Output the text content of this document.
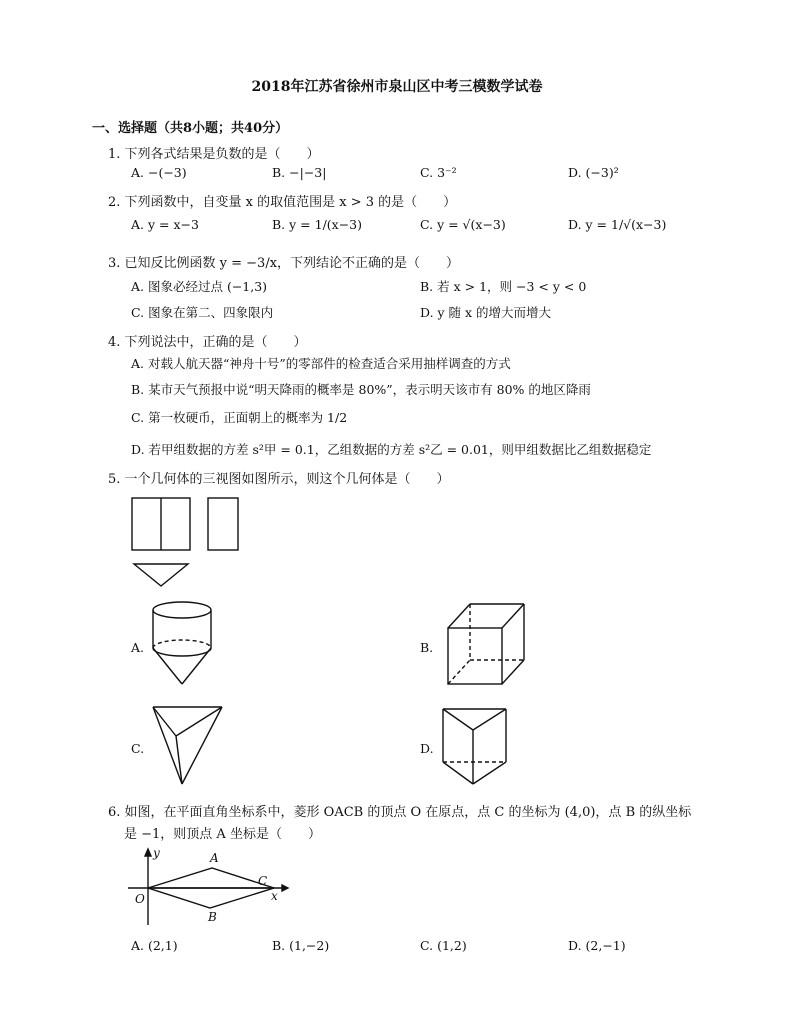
2018年江苏省徐州市泉山区中考三模数学试卷
一、选择题（共8小题；共40分）
1. 下列各式结果是负数的是（　　）
A. −(−3)	B. −|−3|	C. 3⁻²	D. (−3)²
2. 下列函数中，自变量 x 的取值范围是 x > 3 的是（　　）
A. y = x−3	B. y = 1/(x−3)	C. y = √(x−3)	D. y = 1/√(x−3)
3. 已知反比例函数 y = −3/x，下列结论不正确的是（　　）
A. 图象必经过点 (−1,3)	B. 若 x > 1，则 −3 < y < 0
C. 图象在第二、四象限内	D. y 随 x 的增大而增大
4. 下列说法中，正确的是（　　）
A. 对载人航天器“神舟十号”的零部件的检查适合采用抽样调查的方式
B. 某市天气预报中说“明天降雨的概率是 80%”，表示明天该市有 80% 的地区降雨
C. 第一枚硬币，正面朝上的概率为 1/2
D. 若甲组数据的方差 s²甲 = 0.1，乙组数据的方差 s²乙 = 0.01，则甲组数据比乙组数据稳定
5. 一个几何体的三视图如图所示，则这个几何体是（　　）
A.	B.
C.	D.
6. 如图，在平面直角坐标系中，菱形 OACB 的顶点 O 在原点，点 C 的坐标为 (4,0)，点 B 的纵坐标
是 −1，则顶点 A 坐标是（　　）
y
x
O
A
C
B
A. (2,1)	B. (1,−2)	C. (1,2)	D. (2,−1)
